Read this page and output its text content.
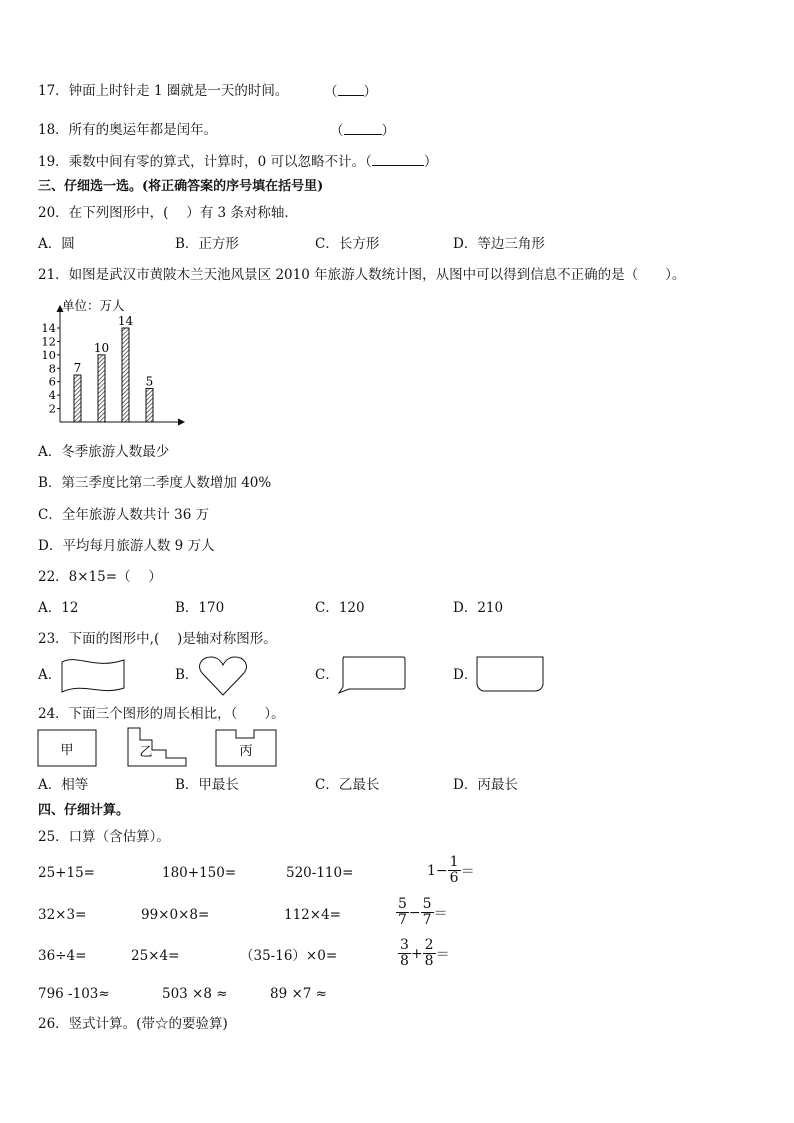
17．钟面上时针走 1 圈就是一天的时间。	（ ）
18．所有的奥运年都是闰年。	（	）
19．乘数中间有零的算式，计算时，0 可以忽略不计。（	）
三、仔细选一选。(将正确答案的序号填在括号里)
20．在下列图形中，(　 ）有 3 条对称轴．
A．圆	B．正方形	C．长方形	D．等边三角形
21．如图是武汉市黄陂木兰天池风景区 2010 年旅游人数统计图，从图中可以得到信息不正确的是（　　）。
单位：万人
2
4
6
8
10
12
14
7
10
14
5
A．冬季旅游人数最少
B．第三季度比第二季度人数增加 40%
C．全年旅游人数共计 36 万
D．平均每月旅游人数 9 万人
22．8×15=（　 ）
A．12	B．170	C．120	D．210
23．下面的图形中,(　 )是轴对称图形。
A．	B．	C．	D．
24．下面三个图形的周长相比，（　　）。
甲	乙	丙
A．相等	B．甲最长	C．乙最长	D．丙最长
四、仔细计算。
25．口算（含估算）。
25+15=	180+150=	520-110=	$1- \frac{1}{6}$ ＝
32×3=	99×0×8=	112×4=	$\frac{5}{7} - \frac{5}{7}$ ＝
36÷4=	25×4=	（35-16）×0=	$\frac{3}{8} + \frac{2}{8}$ ＝
796 -103≈	503 ×8 ≈	89 ×7 ≈
26．竖式计算。(带☆的要验算)
